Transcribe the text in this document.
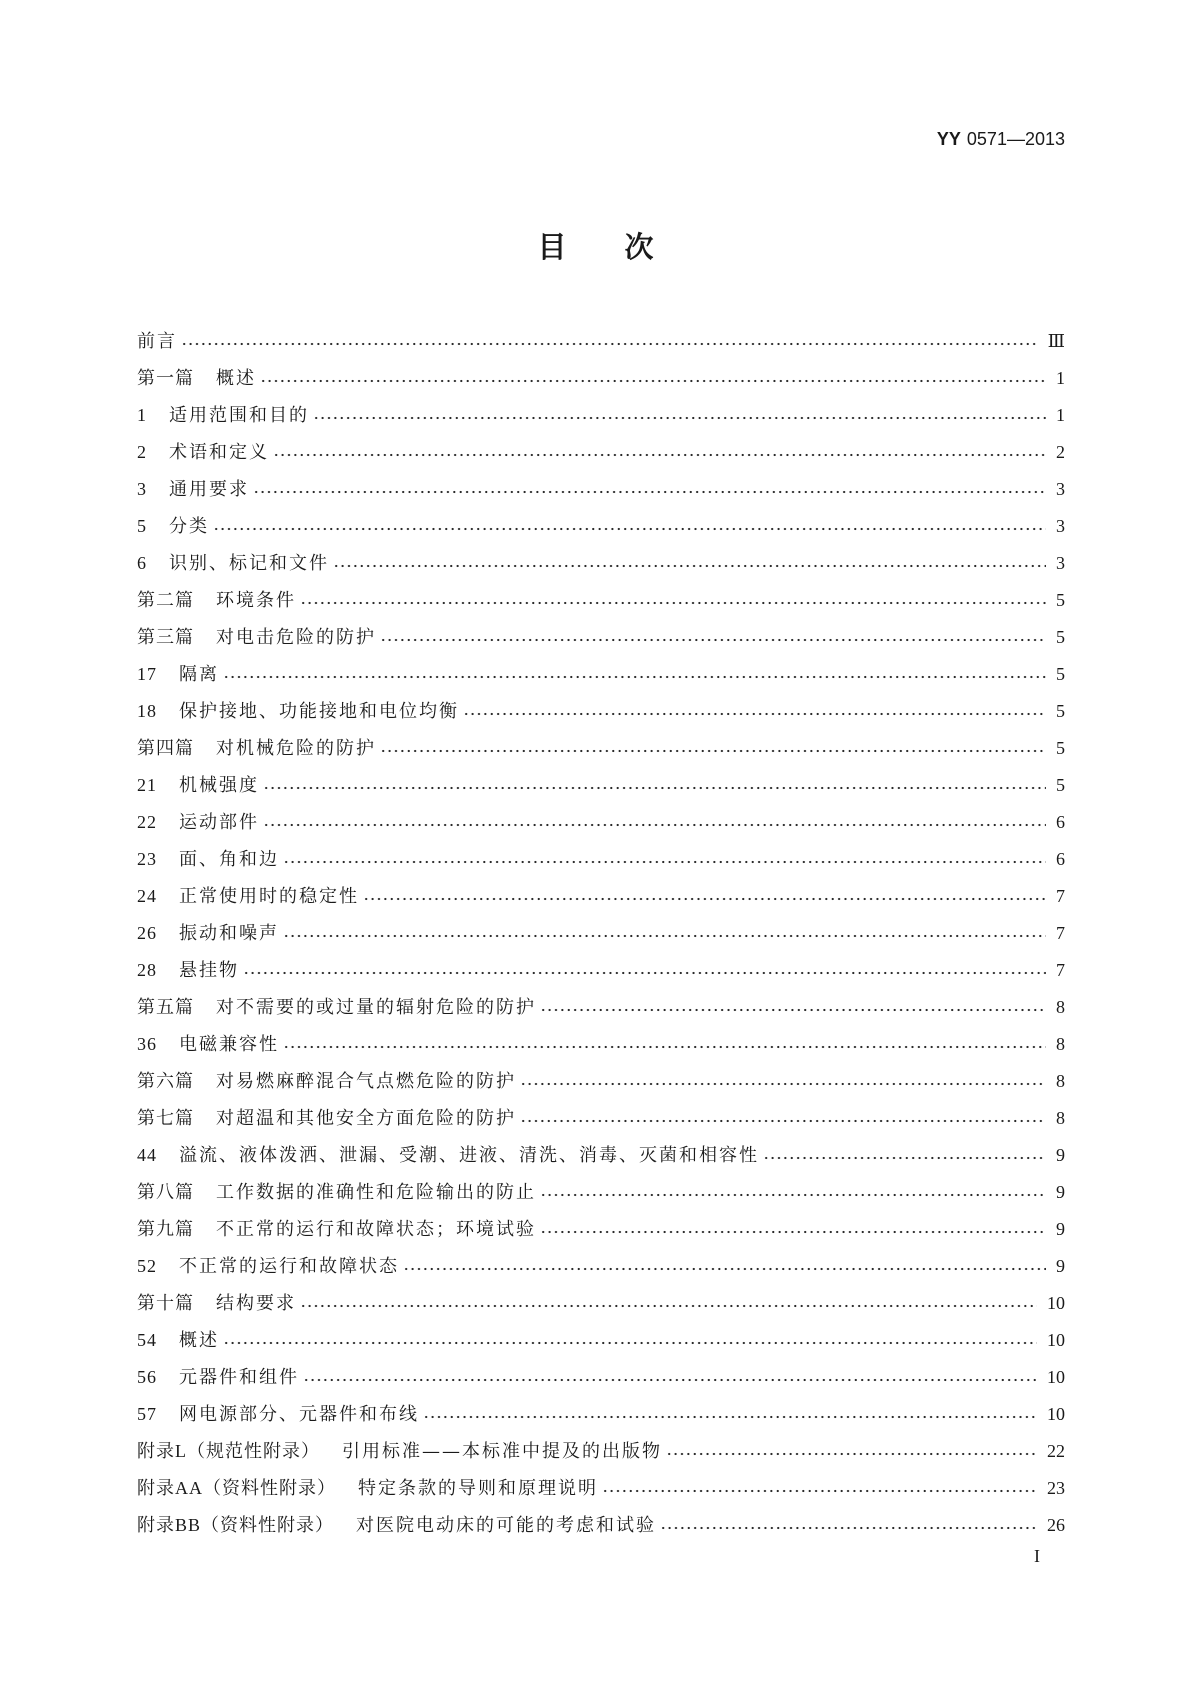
YY 0571—2013
目　　次
前言	Ⅲ
第一篇 概述	1
1 适用范围和目的	1
2 术语和定义	2
3 通用要求	3
5 分类	3
6 识别、标记和文件	3
第二篇 环境条件	5
第三篇 对电击危险的防护	5
17 隔离	5
18 保护接地、功能接地和电位均衡	5
第四篇 对机械危险的防护	5
21 机械强度	5
22 运动部件	6
23 面、角和边	6
24 正常使用时的稳定性	7
26 振动和噪声	7
28 悬挂物	7
第五篇 对不需要的或过量的辐射危险的防护	8
36 电磁兼容性	8
第六篇 对易燃麻醉混合气点燃危险的防护	8
第七篇 对超温和其他安全方面危险的防护	8
44 溢流、液体泼洒、泄漏、受潮、进液、清洗、消毒、灭菌和相容性	9
第八篇 工作数据的准确性和危险输出的防止	9
第九篇 不正常的运行和故障状态；环境试验	9
52 不正常的运行和故障状态	9
第十篇 结构要求	10
54 概述	10
56 元器件和组件	10
57 网电源部分、元器件和布线	10
附录L（规范性附录） 引用标准——本标准中提及的出版物	22
附录AA（资料性附录） 特定条款的导则和原理说明	23
附录BB（资料性附录） 对医院电动床的可能的考虑和试验	26
I
